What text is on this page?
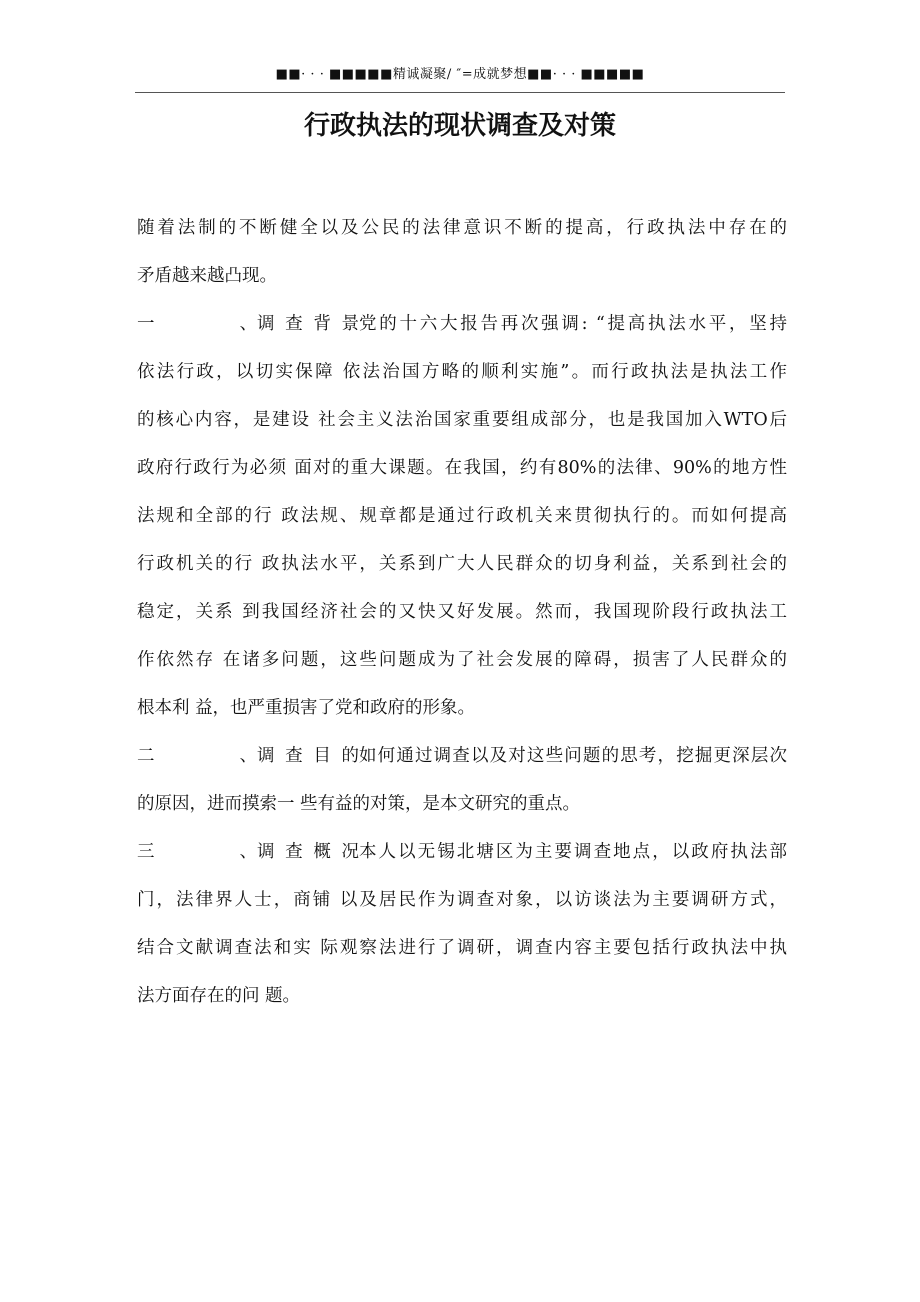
■■· · · ■■■■■精诚凝聚/ ″=成就梦想■■· · · ■■■■■
行政执法的现状调查及对策
随着法制的不断健全以及公民的法律意识不断的提高，行政执法中存在的
矛盾越来越凸现。
一、 调查背景 党的十六大报告再次强调: “提高执法水平，坚持
依法行政，以切实保障 依法治国方略的顺利实施”。而行政执法是执法工作
的核心内容，是建设 社会主义法治国家重要组成部分，也是我国加入WTO后
政府行政行为必须 面对的重大课题。在我国，约有80%的法律、90%的地方性
法规和全部的行 政法规、规章都是通过行政机关来贯彻执行的。而如何提高
行政机关的行 政执法水平，关系到广大人民群众的切身利益，关系到社会的
稳定，关系 到我国经济社会的又快又好发展。然而，我国现阶段行政执法工
作依然存 在诸多问题，这些问题成为了社会发展的障碍，损害了人民群众的
根本利 益，也严重损害了党和政府的形象。
二、 调查目的 如何通过调查以及对这些问题的思考，挖掘更深层次
的原因，进而摸索一 些有益的对策，是本文研究的重点。
三、 调查概况 本人以无锡北塘区为主要调查地点，以政府执法部
门，法律界人士，商铺 以及居民作为调查对象，以访谈法为主要调研方式，
结合文献调查法和实 际观察法进行了调研，调查内容主要包括行政执法中执
法方面存在的问 题。
